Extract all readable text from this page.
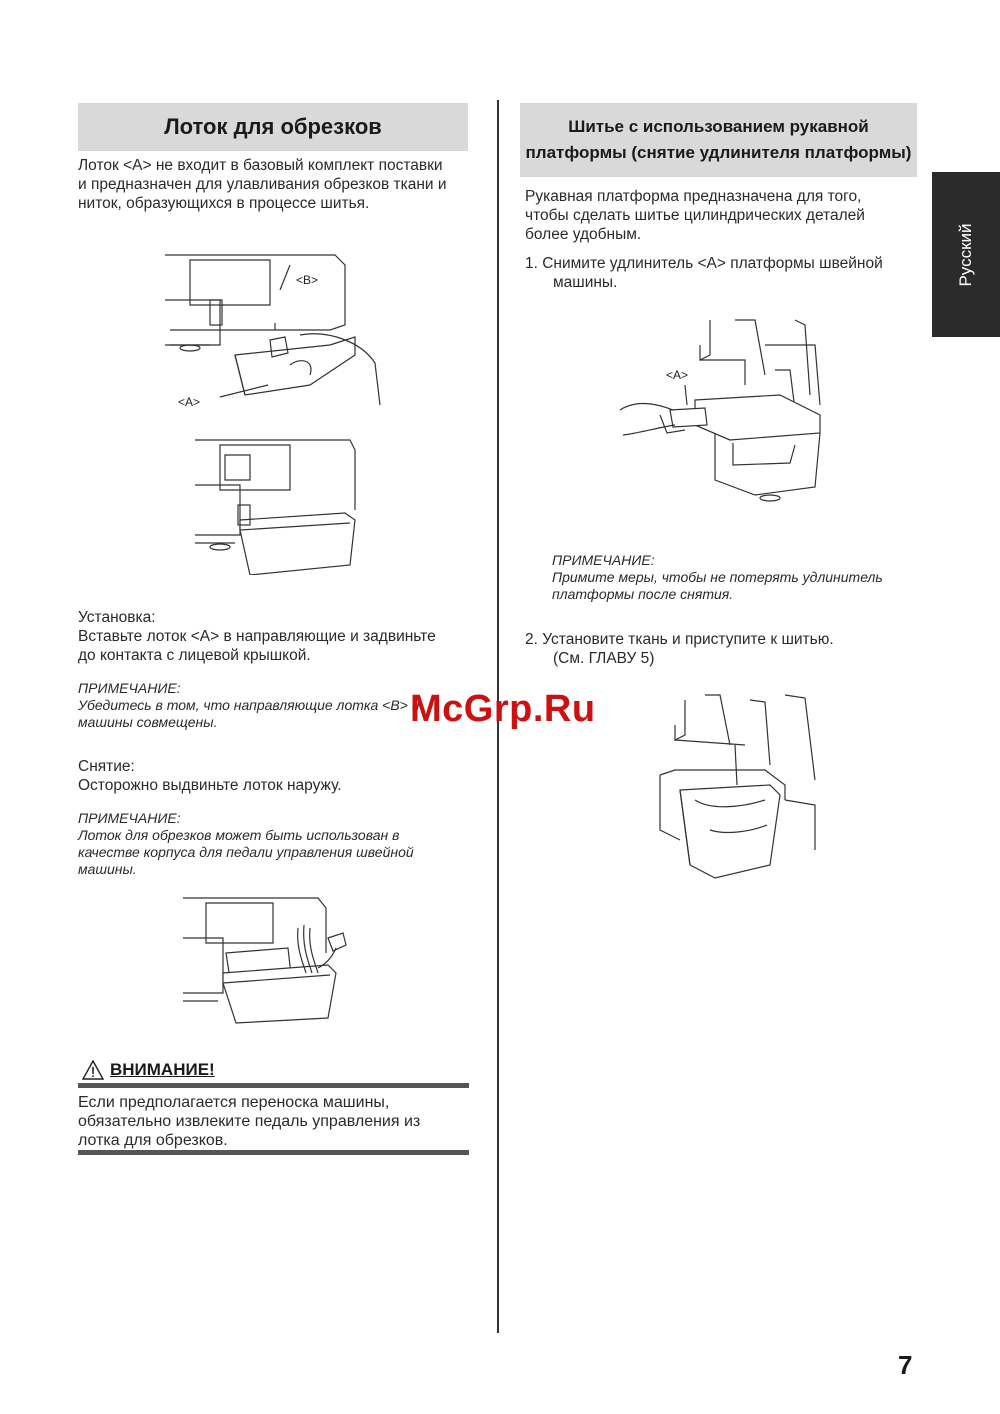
Лоток для обрезков
Лоток <A> не входит в базовый комплект поставки
и предназначен для улавливания обрезков ткани и
ниток, образующихся в процессе шитья.
<B>
<A>
Установка:
Вставьте лоток <A> в направляющие и задвиньте
до контакта с лицевой крышкой.
ПРИМЕЧАНИЕ:
Убедитесь в том, что направляющие лотка <B> и
машины совмещены.
Снятие:
Осторожно выдвиньте лоток наружу.
ПРИМЕЧАНИЕ:
Лоток для обрезков может быть использован в
качестве корпуса для педали управления швейной
машины.
ВНИМАНИЕ!
Если предполагается переноска машины,
обязательно извлеките педаль управления из
лотка для обрезков.
Шитье с использованием рукавной
платформы (снятие удлинителя платформы)
Рукавная платформа предназначена для того,
чтобы сделать шитье цилиндрических деталей
более удобным.
1. Снимите удлинитель <A> платформы швейной
машины.
<A>
ПРИМЕЧАНИЕ:
Примите меры, чтобы не потерять удлинитель
платформы после снятия.
2. Установите ткань и приступите к шитью.
(См. ГЛАВУ 5)
Русский
McGrp.Ru
7
